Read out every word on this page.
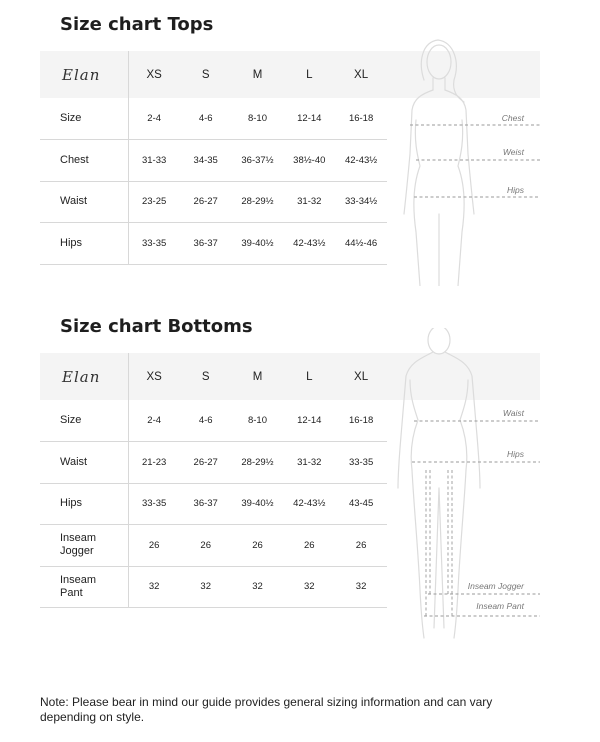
Size chart Tops
Elan	XS	S	M	L	XL
Size	2-4	4-6	8-10	12-14	16-18
Chest	31-33	34-35	36-37½	38½-40	42-43½
Waist	23-25	26-27	28-29½	31-32	33-34½
Hips	33-35	36-37	39-40½	42-43½	44½-46
Chest
Weist
Hips
Size chart Bottoms
Elan	XS	S	M	L	XL
Size	2-4	4-6	8-10	12-14	16-18
Waist	21-23	26-27	28-29½	31-32	33-35
Hips	33-35	36-37	39-40½	42-43½	43-45
Inseam Jogger	26	26	26	26	26
Inseam Pant	32	32	32	32	32
Waist
Hips
Inseam Jogger
Inseam Pant

Note: Please bear in mind our guide provides general sizing information and can vary depending on style.
